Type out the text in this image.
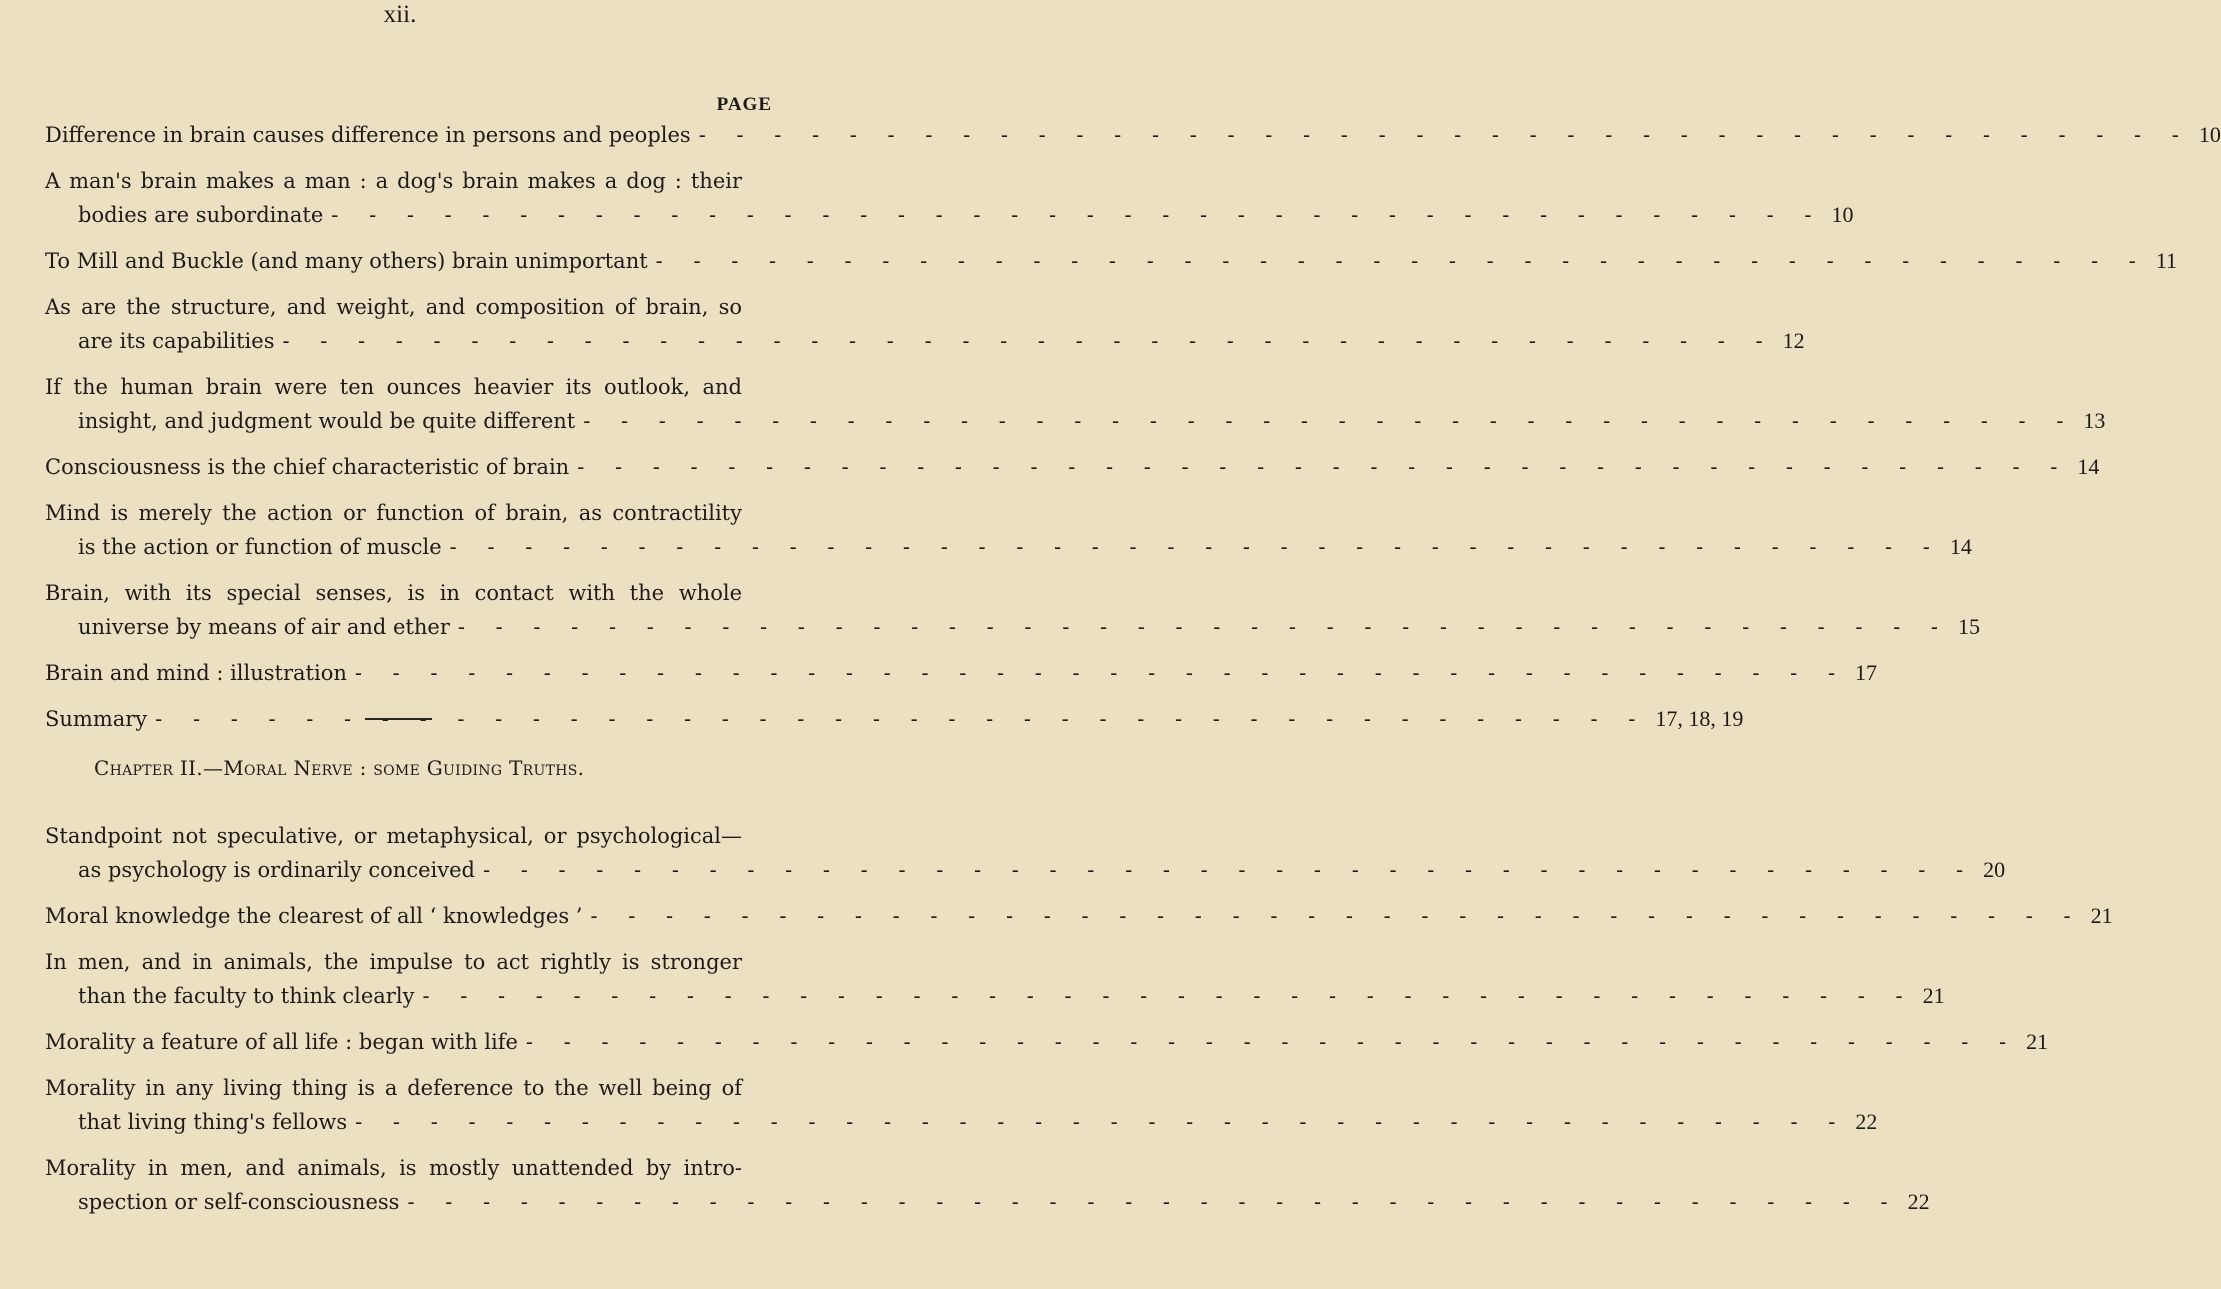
xii.
PAGE
Difference in brain causes difference in persons and peoples - - - - - - - - - - - - - - - - - - - - - - - - - - - - - - - - - - - - - - - - 10
A man's brain makes a man : a dog's brain makes a dog : their
bodies are subordinate - - - - - - - - - - - - - - - - - - - - - - - - - - - - - - - - - - - - - - - - 10
To Mill and Buckle (and many others) brain unimportant - - - - - - - - - - - - - - - - - - - - - - - - - - - - - - - - - - - - - - - - 11
As are the structure, and weight, and composition of brain, so
are its capabilities - - - - - - - - - - - - - - - - - - - - - - - - - - - - - - - - - - - - - - - - 12
If the human brain were ten ounces heavier its outlook, and
insight, and judgment would be quite different - - - - - - - - - - - - - - - - - - - - - - - - - - - - - - - - - - - - - - - - 13
Consciousness is the chief characteristic of brain - - - - - - - - - - - - - - - - - - - - - - - - - - - - - - - - - - - - - - - - 14
Mind is merely the action or function of brain, as contractility
is the action or function of muscle - - - - - - - - - - - - - - - - - - - - - - - - - - - - - - - - - - - - - - - - 14
Brain, with its special senses, is in contact with the whole
universe by means of air and ether - - - - - - - - - - - - - - - - - - - - - - - - - - - - - - - - - - - - - - - - 15
Brain and mind : illustration - - - - - - - - - - - - - - - - - - - - - - - - - - - - - - - - - - - - - - - - 17
Summary - - - - - - - - - - - - - - - - - - - - - - - - - - - - - - - - - - - - - - - - 17, 18, 19
Chapter II.—Moral Nerve : some Guiding Truths.
Standpoint not speculative, or metaphysical, or psychological—
as psychology is ordinarily conceived - - - - - - - - - - - - - - - - - - - - - - - - - - - - - - - - - - - - - - - - 20
Moral knowledge the clearest of all ‘ knowledges ’ - - - - - - - - - - - - - - - - - - - - - - - - - - - - - - - - - - - - - - - - 21
In men, and in animals, the impulse to act rightly is stronger
than the faculty to think clearly - - - - - - - - - - - - - - - - - - - - - - - - - - - - - - - - - - - - - - - - 21
Morality a feature of all life : began with life - - - - - - - - - - - - - - - - - - - - - - - - - - - - - - - - - - - - - - - - 21
Morality in any living thing is a deference to the well being of
that living thing's fellows - - - - - - - - - - - - - - - - - - - - - - - - - - - - - - - - - - - - - - - - 22
Morality in men, and animals, is mostly unattended by intro-
spection or self-consciousness - - - - - - - - - - - - - - - - - - - - - - - - - - - - - - - - - - - - - - - - 22
